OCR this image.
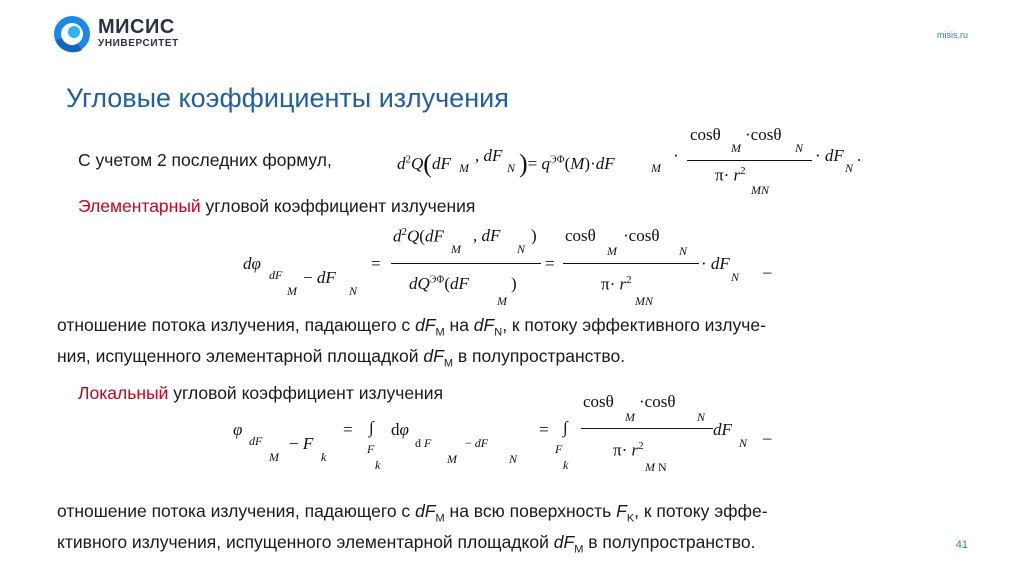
МИСИС
УНИВЕРСИТЕТ
misis.ru
Угловые коэффициенты излучения
С учетом 2 последних формул,	$d^2Q(dF$ M
, dF
N )= $q^{ЭФ}(M)\cdot dF$	M
·
cosθ
M
·cosθ
N
$\pi\cdot r^2$
MN
· dF
N
.
Элементарный угловой коэффициент излучения
dφ
dF
M
− dF
N
=
$d^2Q(dF$
M
, dF
N
)
$dQ^{ЭФ}(dF$
M
)
=
cosθ ·cosθ
M	N
$\pi\cdot r^2$
MN
· dF
N –
отношение потока излучения, падающего с $dF_M$ на $dF_N$, к потоку эффективного излуче-
ния, испущенного элементарной площадкой $dF_M$ в полупространство.
Локальный угловой коэффициент излучения
φ
dF
M
− F
k
= ∫
F
k
dφ
d F
M
− dF
N
= ∫
F
k
cosθ
M
·cosθ
N
$\pi\cdot r^2$
M N
dF
N –
отношение потока излучения, падающего с $dF_M$ на всю поверхность $F_K$, к потоку эффе-
ктивного излучения, испущенного элементарной площадкой $dF_M$ в полупространство.	41
